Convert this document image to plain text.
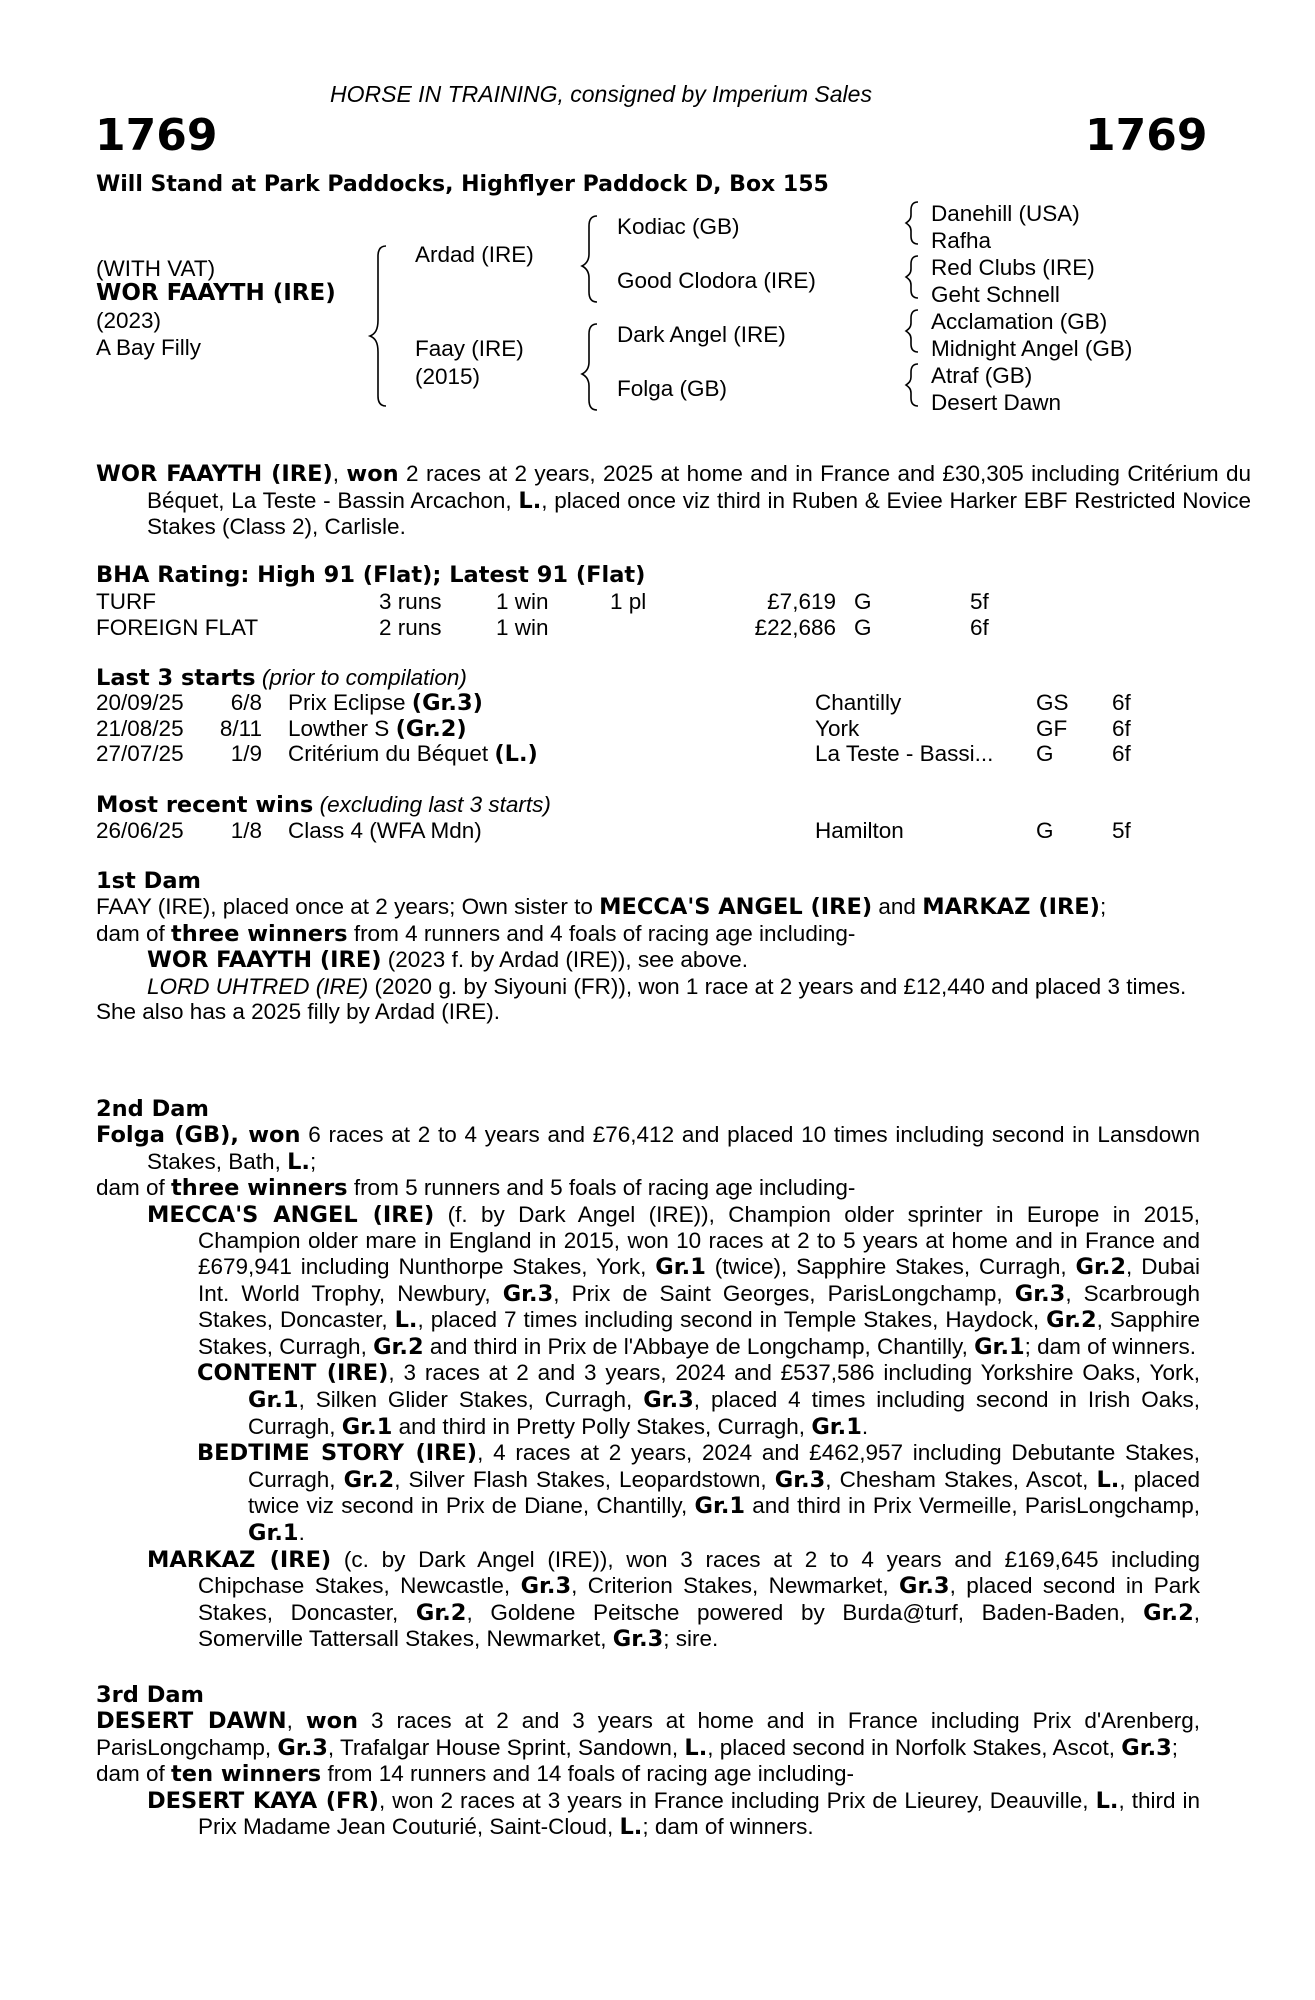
HORSE IN TRAINING, consigned by Imperium Sales
1769	1769
Will Stand at Park Paddocks, Highflyer Paddock D, Box 155
(WITH VAT)
WOR FAAYTH (IRE)
(2023)
A Bay Filly
Ardad (IRE)
Faay (IRE)
(2015)
Kodiac (GB)
Good Clodora (IRE)
Dark Angel (IRE)
Folga (GB)
Danehill (USA)
Rafha
Red Clubs (IRE)
Geht Schnell
Acclamation (GB)
Midnight Angel (GB)
Atraf (GB)
Desert Dawn
WOR FAAYTH (IRE), won 2 races at 2 years, 2025 at home and in France and £30,305 including Critérium du Béquet, La Teste - Bassin Arcachon, L., placed once viz third in Ruben & Eviee Harker EBF Restricted Novice Stakes (Class 2), Carlisle.
BHA Rating: High 91 (Flat); Latest 91 (Flat)
TURF	3 runs 1 win	1 pl	£7,619 G	5f
FOREIGN FLAT	2 runs 1 win	£22,686 G	6f
Last 3 starts (prior to compilation)
20/09/25	6/8 Prix Eclipse (Gr.3)	Chantilly	GS 6f
21/08/25	8/11 Lowther S (Gr.2)	York	GF 6f
27/07/25	1/9 Critérium du Béquet (L.)	La Teste - Bassi... G	6f
Most recent wins (excluding last 3 starts)
26/06/25	1/8 Class 4 (WFA Mdn)	Hamilton	G	5f
1st Dam

FAAY (IRE), placed once at 2 years; Own sister to MECCA'S ANGEL (IRE) and MARKAZ (IRE);

dam of three winners from 4 runners and 4 foals of racing age including-

WOR FAAYTH (IRE) (2023 f. by Ardad (IRE)), see above.

LORD UHTRED (IRE) (2020 g. by Siyouni (FR)), won 1 race at 2 years and £12,440 and placed 3 times.

She also has a 2025 filly by Ardad (IRE).

2nd Dam

Folga (GB), won 6 races at 2 to 4 years and £76,412 and placed 10 times including second in Lansdown Stakes, Bath, L.;

dam of three winners from 5 runners and 5 foals of racing age including-

MECCA'S ANGEL (IRE) (f. by Dark Angel (IRE)), Champion older sprinter in Europe in 2015, Champion older mare in England in 2015, won 10 races at 2 to 5 years at home and in France and £679,941 including Nunthorpe Stakes, York, Gr.1 (twice), Sapphire Stakes, Curragh, Gr.2, Dubai Int. World Trophy, Newbury, Gr.3, Prix de Saint Georges, ParisLongchamp, Gr.3, Scarbrough Stakes, Doncaster, L., placed 7 times including second in Temple Stakes, Haydock, Gr.2, Sapphire Stakes, Curragh, Gr.2 and third in Prix de l'Abbaye de Longchamp, Chantilly, Gr.1; dam of winners.

CONTENT (IRE), 3 races at 2 and 3 years, 2024 and £537,586 including Yorkshire Oaks, York, Gr.1, Silken Glider Stakes, Curragh, Gr.3, placed 4 times including second in Irish Oaks, Curragh, Gr.1 and third in Pretty Polly Stakes, Curragh, Gr.1.

BEDTIME STORY (IRE), 4 races at 2 years, 2024 and £462,957 including Debutante Stakes, Curragh, Gr.2, Silver Flash Stakes, Leopardstown, Gr.3, Chesham Stakes, Ascot, L., placed twice viz second in Prix de Diane, Chantilly, Gr.1 and third in Prix Vermeille, ParisLongchamp, Gr.1.

MARKAZ (IRE) (c. by Dark Angel (IRE)), won 3 races at 2 to 4 years and £169,645 including Chipchase Stakes, Newcastle, Gr.3, Criterion Stakes, Newmarket, Gr.3, placed second in Park Stakes, Doncaster, Gr.2, Goldene Peitsche powered by Burda@turf, Baden-Baden, Gr.2, Somerville Tattersall Stakes, Newmarket, Gr.3; sire.

3rd Dam

DESERT DAWN, won 3 races at 2 and 3 years at home and in France including Prix d'Arenberg, ParisLongchamp, Gr.3, Trafalgar House Sprint, Sandown, L., placed second in Norfolk Stakes, Ascot, Gr.3;

dam of ten winners from 14 runners and 14 foals of racing age including-

DESERT KAYA (FR), won 2 races at 3 years in France including Prix de Lieurey, Deauville, L., third in Prix Madame Jean Couturié, Saint-Cloud, L.; dam of winners.
